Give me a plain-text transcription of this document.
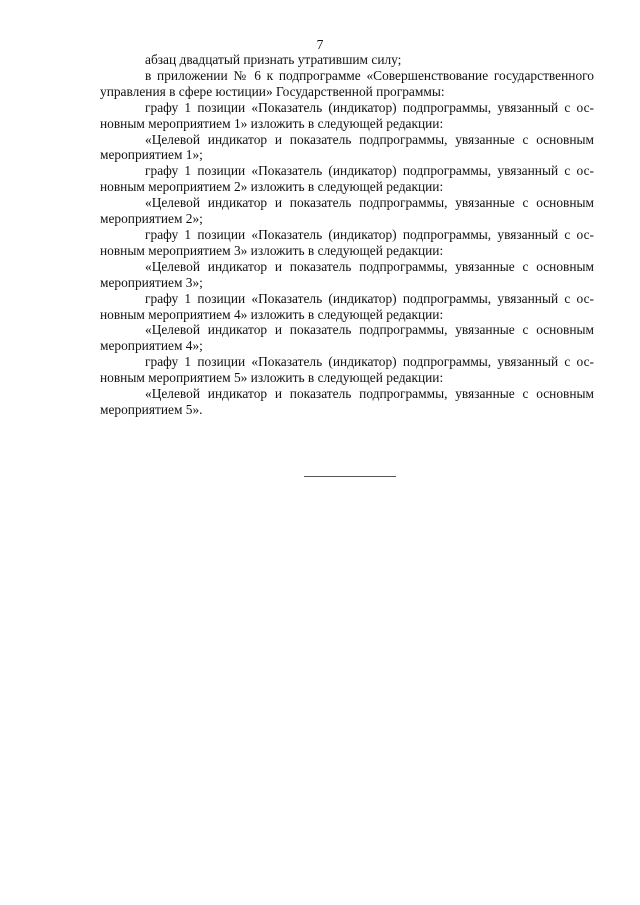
7

абзац двадцатый признать утратившим силу;

в приложении № 6 к подпрограмме «Совершенствование государственного управления в сфере юстиции» Государственной программы:

графу 1 позиции «Показатель (индикатор) подпрограммы, увязанный с основным мероприятием 1» изложить в следующей редакции:

«Целевой индикатор и показатель подпрограммы, увязанные с основным мероприятием 1»;

графу 1 позиции «Показатель (индикатор) подпрограммы, увязанный с основным мероприятием 2» изложить в следующей редакции:

«Целевой индикатор и показатель подпрограммы, увязанные с основным мероприятием 2»;

графу 1 позиции «Показатель (индикатор) подпрограммы, увязанный с основным мероприятием 3» изложить в следующей редакции:

«Целевой индикатор и показатель подпрограммы, увязанные с основным мероприятием 3»;

графу 1 позиции «Показатель (индикатор) подпрограммы, увязанный с основным мероприятием 4» изложить в следующей редакции:

«Целевой индикатор и показатель подпрограммы, увязанные с основным мероприятием 4»;

графу 1 позиции «Показатель (индикатор) подпрограммы, увязанный с основным мероприятием 5» изложить в следующей редакции:

«Целевой индикатор и показатель подпрограммы, увязанные с основным мероприятием 5».
